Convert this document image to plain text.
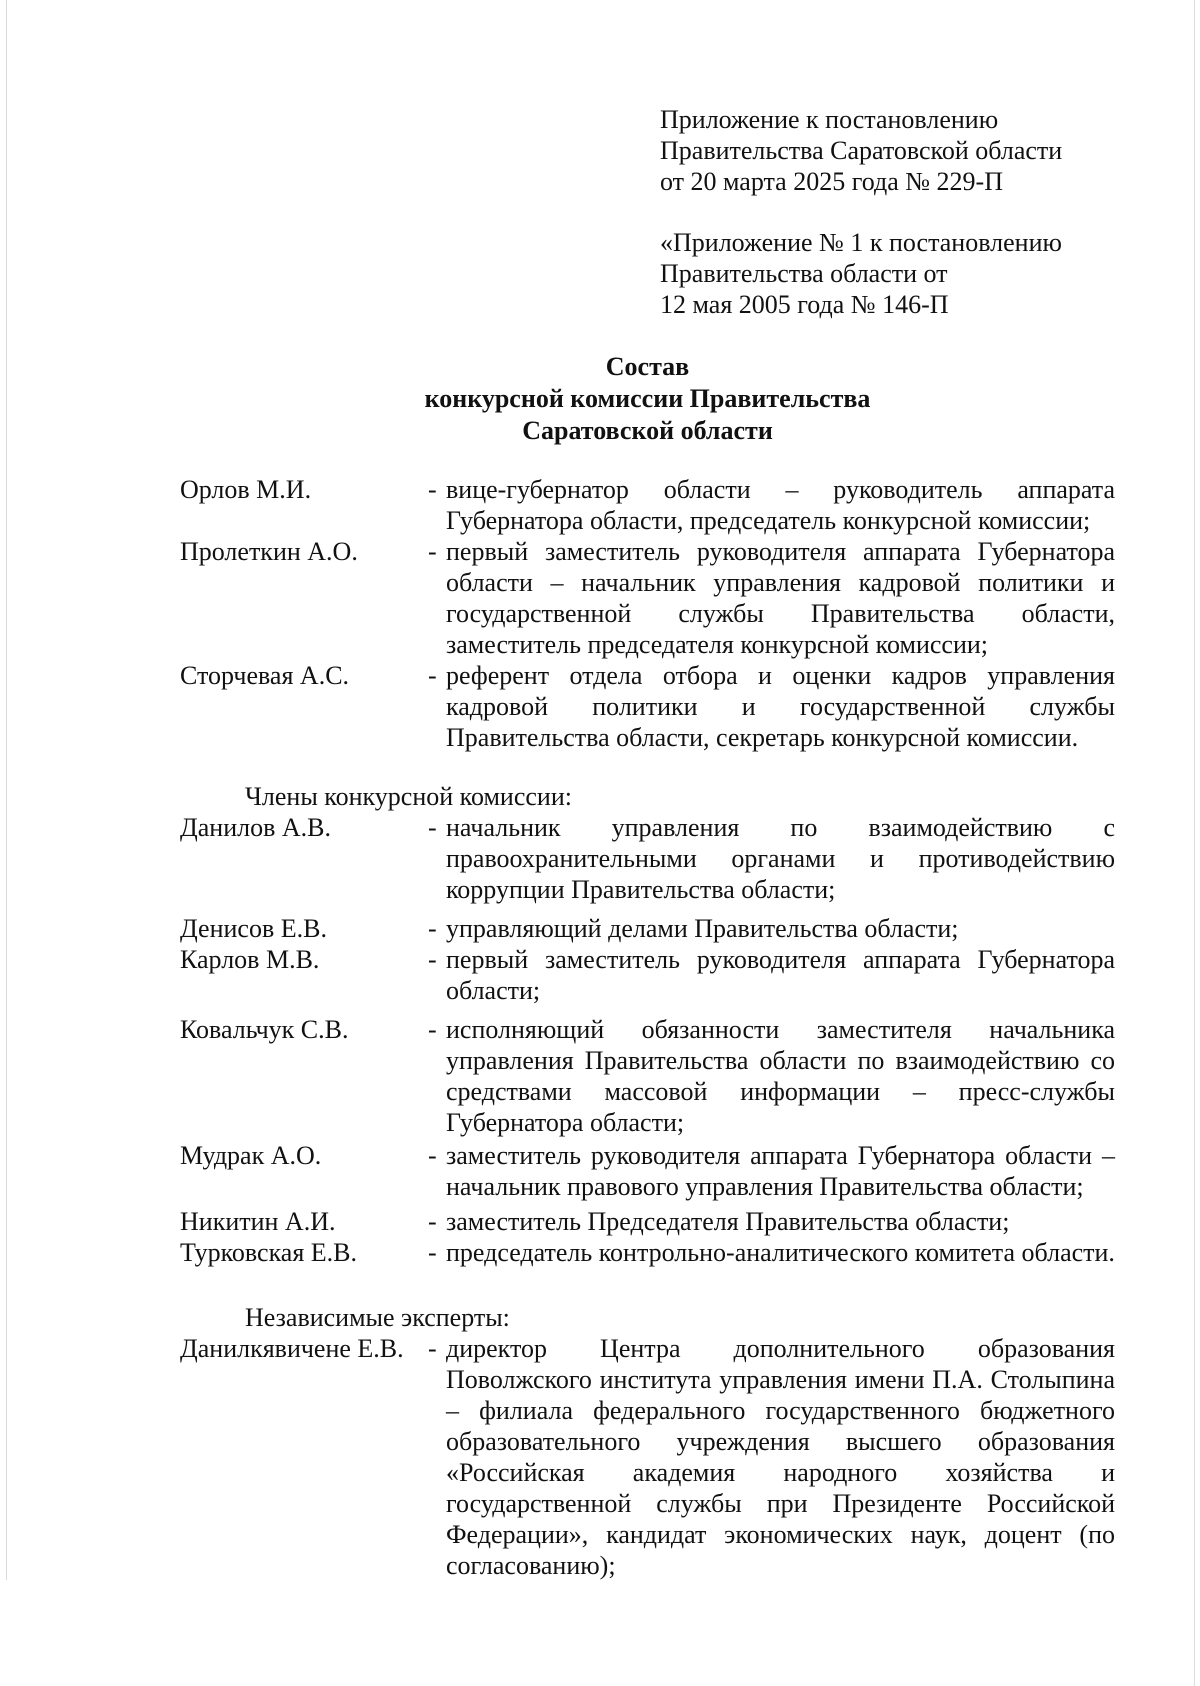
Приложение к постановлению
Правительства Саратовской области
от 20 марта 2025 года № 229-П
«Приложение № 1 к постановлению
Правительства области от
12 мая 2005 года № 146-П
Состав
конкурсной комиссии Правительства
Саратовской области
Орлов М.И.	- вице-губернатор области – руководитель аппарата Губернатора области, председатель конкурсной комиссии;
Пролеткин А.О.	- первый заместитель руководителя аппарата Губернатора области – начальник управления кадровой политики и государственной службы Правительства области, заместитель председателя конкурсной комиссии;
Сторчевая А.С.	- референт отдела отбора и оценки кадров управления кадровой политики и государственной службы Правительства области, секретарь конкурсной комиссии.
Члены конкурсной комиссии:
Данилов А.В.	- начальник управления по взаимодействию с правоохранительными органами и противодействию коррупции Правительства области;
Денисов Е.В.	- управляющий делами Правительства области;
Карлов М.В.	- первый заместитель руководителя аппарата Губернатора области;
Ковальчук С.В.	- исполняющий обязанности заместителя начальника управления Правительства области по взаимодействию со средствами массовой информации – пресс-службы Губернатора области;
Мудрак А.О.	- заместитель руководителя аппарата Губернатора области – начальник правового управления Правительства области;
Никитин А.И.	- заместитель Председателя Правительства области;
Турковская Е.В.	- председатель контрольно-аналитического комитета области.
Независимые эксперты:
Данилкявичене Е.В. - директор Центра дополнительного образования Поволжского института управления имени П.А. Столыпина – филиала федерального государственного бюджетного образовательного учреждения высшего образования «Российская академия народного хозяйства и государственной службы при Президенте Российской Федерации», кандидат экономических наук, доцент (по согласованию);
